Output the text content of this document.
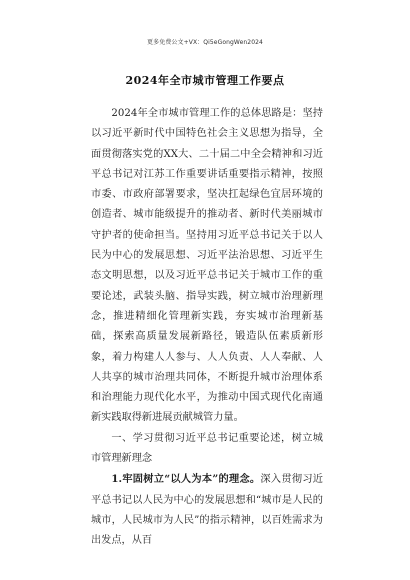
更多免费公文+VX：Qi5eGongWen2024
2024年全市城市管理工作要点

2024年全市城市管理工作的总体思路是：坚持以习近平新时代中国特色社会主义思想为指导，全面贯彻落实党的XX大、二十届二中全会精神和习近平总书记对江苏工作重要讲话重要指示精神，按照市委、市政府部署要求，坚决扛起绿色宜居环境的创造者、城市能级提升的推动者、新时代美丽城市守护者的使命担当。坚持用习近平总书记关于以人民为中心的发展思想、习近平法治思想、习近平生态文明思想，以及习近平总书记关于城市工作的重要论述，武装头脑、指导实践，树立城市治理新理念，推进精细化管理新实践，夯实城市治理新基础，探索高质量发展新路径，锻造队伍素质新形象，着力构建人人参与、人人负责、人人奉献、人人共享的城市治理共同体，不断提升城市治理体系和治理能力现代化水平，为推动中国式现代化南通新实践取得新进展贡献城管力量。

一、学习贯彻习近平总书记重要论述，树立城市管理新理念

1.牢固树立“以人为本”的理念。深入贯彻习近平总书记以人民为中心的发展思想和“城市是人民的城市，人民城市为人民”的指示精神，以百姓需求为出发点，从百
